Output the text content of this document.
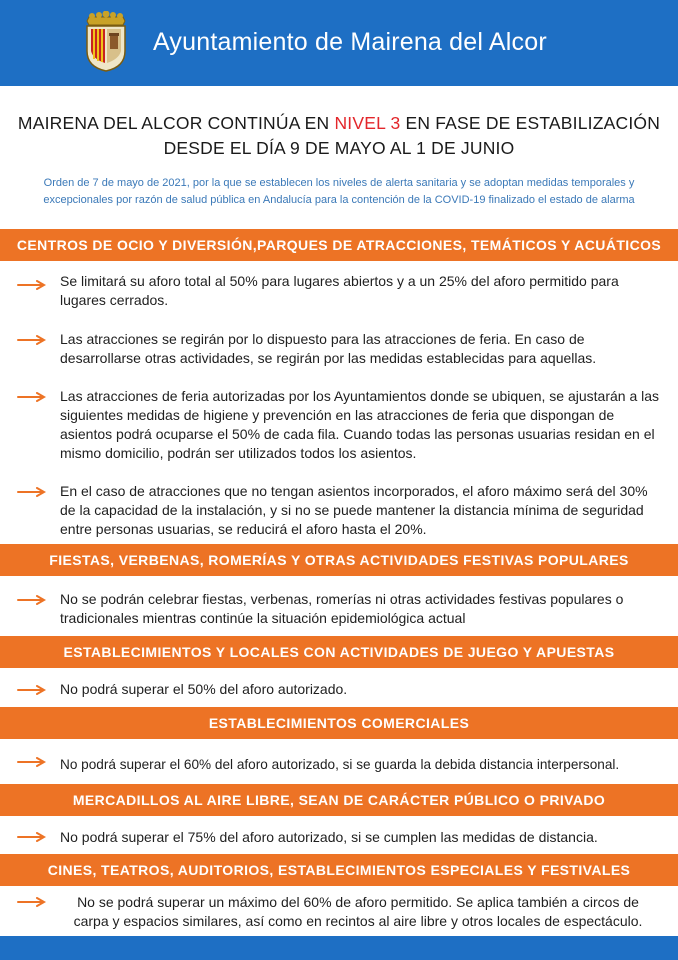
Ayuntamiento de Mairena del Alcor
MAIRENA DEL ALCOR CONTINÚA EN NIVEL 3 EN FASE DE ESTABILIZACIÓN
DESDE EL DÍA 9 DE MAYO AL 1 DE JUNIO
Orden de 7 de mayo de 2021, por la que se establecen los niveles de alerta sanitaria y se adoptan medidas temporales y
excepcionales por razón de salud pública en Andalucía para la contención de la COVID-19 finalizado el estado de alarma
CENTROS DE OCIO Y DIVERSIÓN,PARQUES DE ATRACCIONES, TEMÁTICOS Y ACUÁTICOS
Se limitará su aforo total al 50% para lugares abiertos y a un 25% del aforo permitido para lugares cerrados.
Las atracciones se regirán por lo dispuesto para las atracciones de feria. En caso de desarrollarse otras actividades, se regirán por las medidas establecidas para aquellas.
Las atracciones de feria autorizadas por los Ayuntamientos donde se ubiquen, se ajustarán a las siguientes medidas de higiene y prevención en las atracciones de feria que dispongan de asientos podrá ocuparse el 50% de cada fila. Cuando todas las personas usuarias residan en el mismo domicilio, podrán ser utilizados todos los asientos.
En el caso de atracciones que no tengan asientos incorporados, el aforo máximo será del 30% de la capacidad de la instalación, y si no se puede mantener la distancia mínima de seguridad entre personas usuarias, se reducirá el aforo hasta el 20%.
FIESTAS, VERBENAS, ROMERÍAS Y OTRAS ACTIVIDADES FESTIVAS POPULARES
No se podrán celebrar fiestas, verbenas, romerías ni otras actividades festivas populares o tradicionales mientras continúe la situación epidemiológica actual
ESTABLECIMIENTOS Y LOCALES CON ACTIVIDADES DE JUEGO Y APUESTAS
No podrá superar el 50% del aforo autorizado.
ESTABLECIMIENTOS COMERCIALES
No podrá superar el 60% del aforo autorizado, si se guarda la debida distancia interpersonal.
MERCADILLOS AL AIRE LIBRE, SEAN DE CARÁCTER PÚBLICO O PRIVADO
No podrá superar el 75% del aforo autorizado, si se cumplen las medidas de distancia.
CINES, TEATROS, AUDITORIOS, ESTABLECIMIENTOS ESPECIALES Y FESTIVALES
No se podrá superar un máximo del 60% de aforo permitido. Se aplica también a circos de carpa y espacios similares, así como en recintos al aire libre y otros locales de espectáculo.
